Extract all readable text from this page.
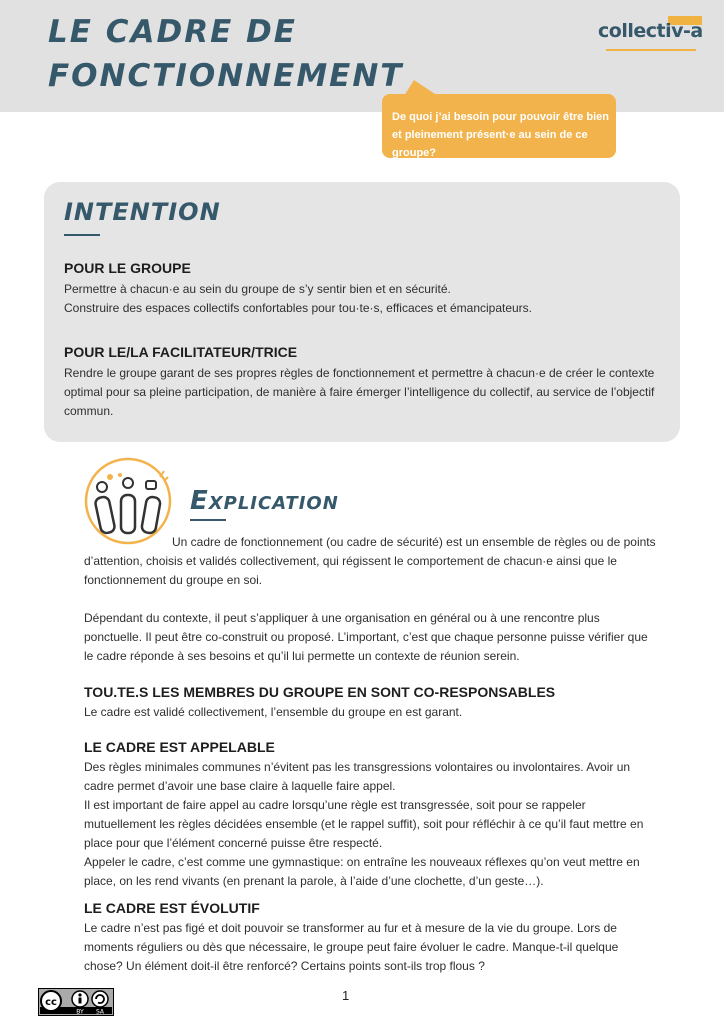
LE CADRE DE
FONCTIONNEMENT
collectiv-a
De quoi j’ai besoin pour pouvoir être bien et pleinement présent·e au sein de ce groupe?
INTENTION
POUR LE GROUPE

Permettre à chacun·e au sein du groupe de s’y sentir bien et en sécurité.

Construire des espaces collectifs confortables pour tou·te·s, efficaces et émancipateurs.

POUR LE/LA FACILITATEUR/TRICE

Rendre le groupe garant de ses propres règles de fonctionnement et permettre à chacun·e de créer le contexte optimal pour sa pleine participation, de manière à faire émerger l’intelligence du collectif, au service de l’objectif commun.

Explication

Un cadre de fonctionnement (ou cadre de sécurité) est un ensemble de règles ou de points

d’attention, choisis et validés collectivement, qui régissent le comportement de chacun·e ainsi que le fonctionnement du groupe en soi.

Dépendant du contexte, il peut s’appliquer à une organisation en général ou à une rencontre plus ponctuelle. Il peut être co-construit ou proposé. L’important, c’est que chaque personne puisse vérifier que le cadre réponde à ses besoins et qu’il lui permette un contexte de réunion serein.

TOU.TE.S LES MEMBRES DU GROUPE EN SONT CO-RESPONSABLES

Le cadre est validé collectivement, l’ensemble du groupe en est garant.

LE CADRE EST APPELABLE

Des règles minimales communes n’évitent pas les transgressions volontaires ou involontaires. Avoir un cadre permet d’avoir une base claire à laquelle faire appel.

Il est important de faire appel au cadre lorsqu’une règle est transgressée, soit pour se rappeler mutuellement les règles décidées ensemble (et le rappel suffit), soit pour réfléchir à ce qu’il faut mettre en place pour que l’élément concerné puisse être respecté.

Appeler le cadre, c’est comme une gymnastique: on entraîne les nouveaux réflexes qu’on veut mettre en place, on les rend vivants (en prenant la parole, à l’aide d’une clochette, d’un geste…).

LE CADRE EST ÉVOLUTIF

Le cadre n’est pas figé et doit pouvoir se transformer au fur et à mesure de la vie du groupe. Lors de moments réguliers ou dès que nécessaire, le groupe peut faire évoluer le cadre. Manque-t-il quelque chose? Un élément doit-il être renforcé? Certains points sont-ils trop flous ?

cc
BY SA
1
